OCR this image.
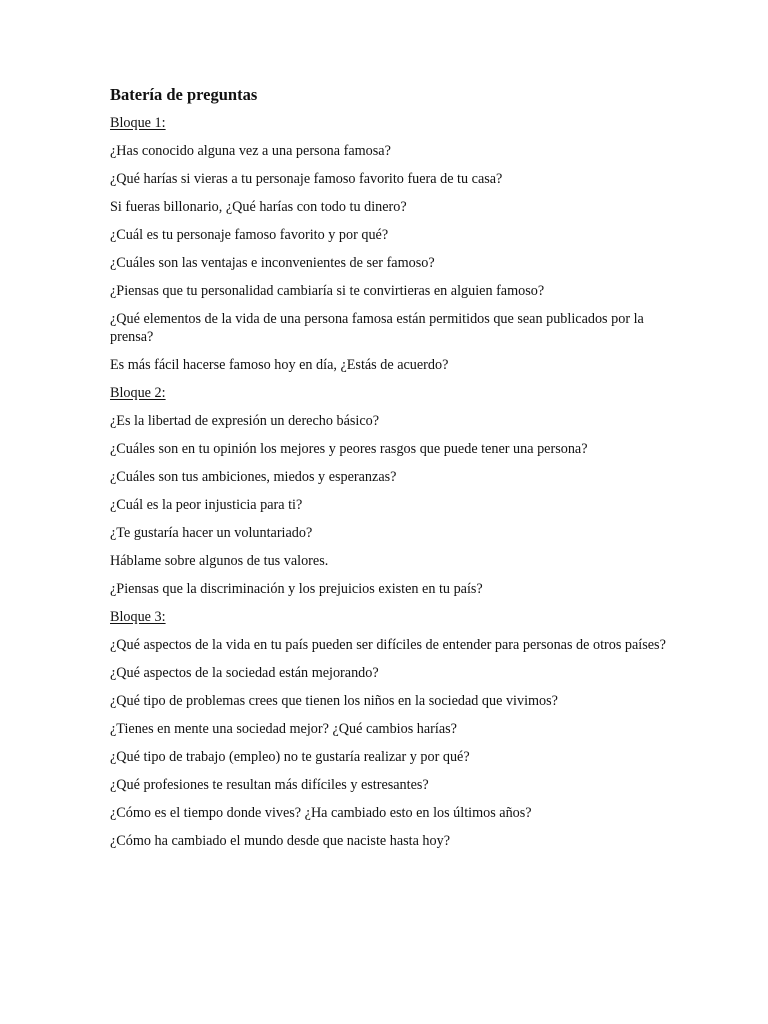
Batería de preguntas
Bloque 1:
¿Has conocido alguna vez a una persona famosa?
¿Qué harías si vieras a tu personaje famoso favorito fuera de tu casa?
Si fueras billonario, ¿Qué harías con todo tu dinero?
¿Cuál es tu personaje famoso favorito y por qué?
¿Cuáles son las ventajas e inconvenientes de ser famoso?
¿Piensas que tu personalidad cambiaría si te convirtieras en alguien famoso?
¿Qué elementos de la vida de una persona famosa están permitidos que sean publicados por la prensa?
Es más fácil hacerse famoso hoy en día, ¿Estás de acuerdo?
Bloque 2:
¿Es la libertad de expresión un derecho básico?
¿Cuáles son en tu opinión los mejores y peores rasgos que puede tener una persona?
¿Cuáles son tus ambiciones, miedos y esperanzas?
¿Cuál es la peor injusticia para ti?
¿Te gustaría hacer un voluntariado?
Háblame sobre algunos de tus valores.
¿Piensas que la discriminación y los prejuicios existen en tu país?
Bloque 3:
¿Qué aspectos de la vida en tu país pueden ser difíciles de entender para personas de otros países?
¿Qué aspectos de la sociedad están mejorando?
¿Qué tipo de problemas crees que tienen los niños en la sociedad que vivimos?
¿Tienes en mente una sociedad mejor? ¿Qué cambios harías?
¿Qué tipo de trabajo (empleo) no te gustaría realizar y por qué?
¿Qué profesiones te resultan más difíciles y estresantes?
¿Cómo es el tiempo donde vives? ¿Ha cambiado esto en los últimos años?
¿Cómo ha cambiado el mundo desde que naciste hasta hoy?
